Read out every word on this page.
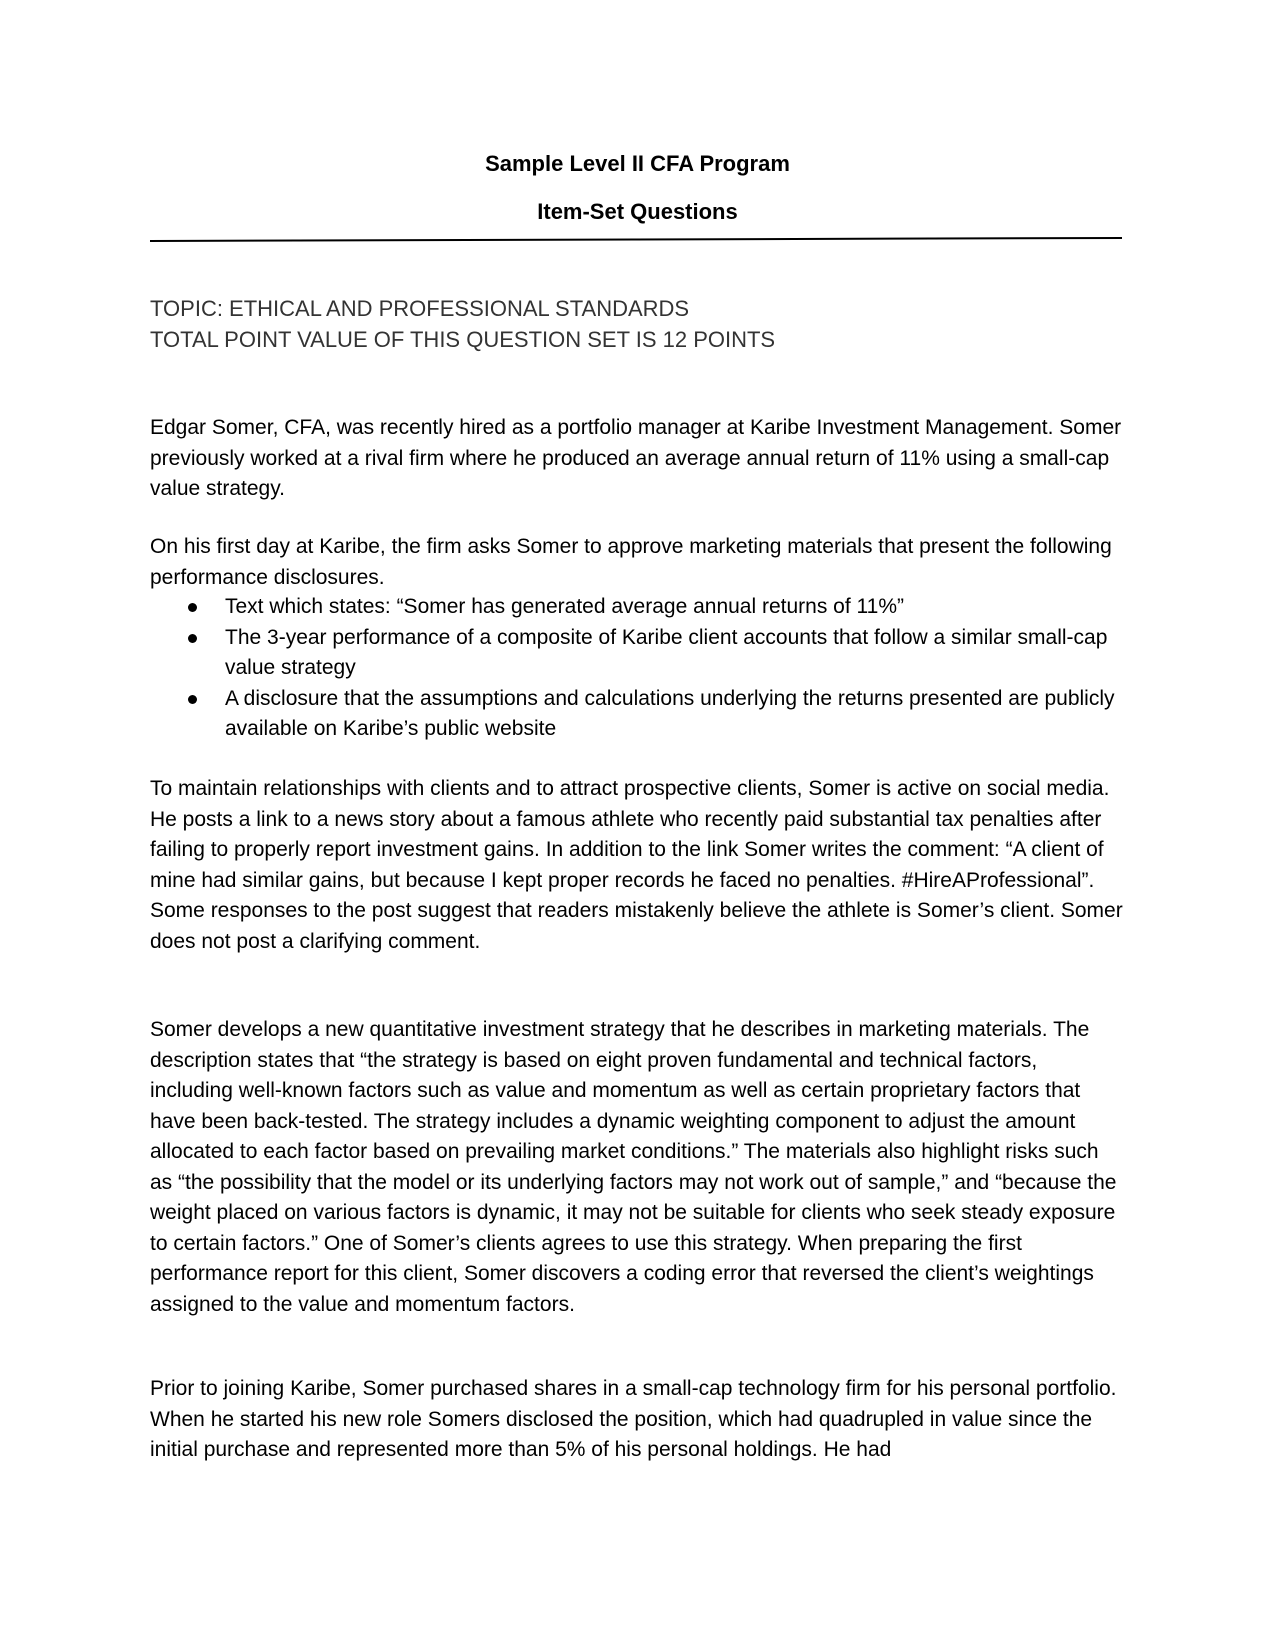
Sample Level II CFA Program
Item-Set Questions
TOPIC: ETHICAL AND PROFESSIONAL STANDARDS
TOTAL POINT VALUE OF THIS QUESTION SET IS 12 POINTS

Edgar Somer, CFA, was recently hired as a portfolio manager at Karibe Investment Management. Somer previously worked at a rival firm where he produced an average annual return of 11% using a small-cap value strategy.

On his first day at Karibe, the firm asks Somer to approve marketing materials that present the following performance disclosures.

Text which states: “Somer has generated average annual returns of 11%”
The 3-year performance of a composite of Karibe client accounts that follow a similar small-cap value strategy
A disclosure that the assumptions and calculations underlying the returns presented are publicly available on Karibe’s public website

To maintain relationships with clients and to attract prospective clients, Somer is active on social media. He posts a link to a news story about a famous athlete who recently paid substantial tax penalties after failing to properly report investment gains. In addition to the link Somer writes the comment: “A client of mine had similar gains, but because I kept proper records he faced no penalties. #HireAProfessional”. Some responses to the post suggest that readers mistakenly believe the athlete is Somer’s client. Somer does not post a clarifying comment.

Somer develops a new quantitative investment strategy that he describes in marketing materials. The description states that “the strategy is based on eight proven fundamental and technical factors, including well-known factors such as value and momentum as well as certain proprietary factors that have been back-tested. The strategy includes a dynamic weighting component to adjust the amount allocated to each factor based on prevailing market conditions.” The materials also highlight risks such as “the possibility that the model or its underlying factors may not work out of sample,” and “because the weight placed on various factors is dynamic, it may not be suitable for clients who seek steady exposure to certain factors.” One of Somer’s clients agrees to use this strategy. When preparing the first performance report for this client, Somer discovers a coding error that reversed the client’s weightings assigned to the value and momentum factors.

Prior to joining Karibe, Somer purchased shares in a small-cap technology firm for his personal portfolio. When he started his new role Somers disclosed the position, which had quadrupled in value since the initial purchase and represented more than 5% of his personal holdings. He had
